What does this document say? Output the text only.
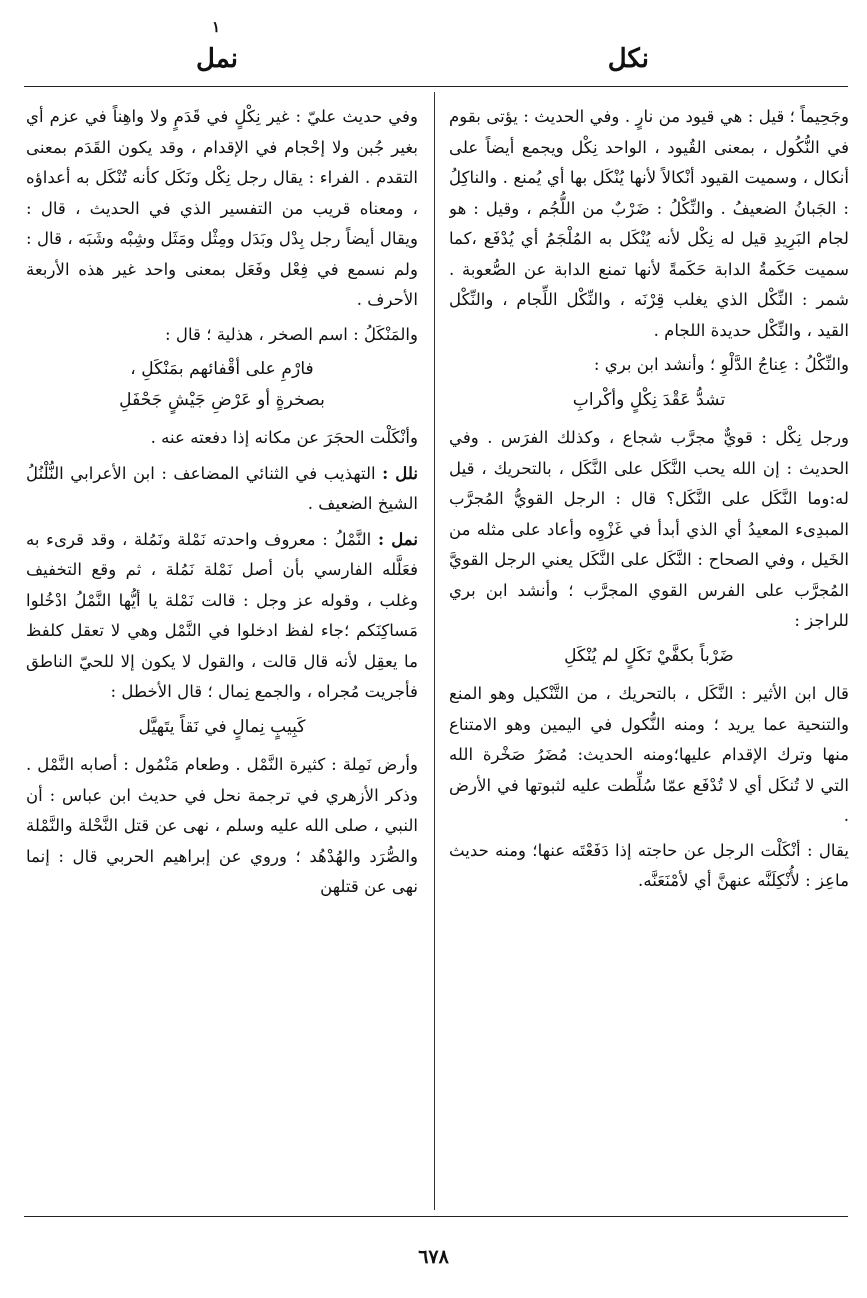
١
نكل
نمل

وجَحِيماً ؛ قيل : هي قيود من نارٍ . وفي الحديث : يؤتى بقوم في النُّكُول ، بمعنى القُيود ، الواحد نِكْل ويجمع أيضاً على أنكال ، وسميت القيود أنْكالاً لأنها يُنْكَل بها أي يُمنع . والناكِلُ : الجَبانُ الضعيفُ . والنِّكْلُ : ضَرْبٌ من اللُّجُم ، وقيل : هو لجام البَرِيدِ قيل له نِكْل لأنه يُنْكَل به المُلْجَمُ أي يُدْفَع ،كما سميت حَكَمةُ الدابة حَكَمةً لأنها تمنع الدابة عن الصُّعوبة . شمر : النِّكْل الذي يغلب قِرْنَه ، والنِّكْل اللِّجام ، والنِّكْل القيد ، والنِّكْل حديدة اللجام .

والنِّكْلُ : عِناجُ الدَّلْوِ ؛ وأنشد ابن بري :

تشدُّ عَقْدَ نِكْلٍ وأكْرابِ

ورجل نِكْل : قويٌّ مجرَّب شجاع ، وكذلك الفرَس . وفي الحديث : إن الله يحب النَّكَل على النَّكَل ، بالتحريك ، قيل له:وما النَّكَل على النَّكَل؟ قال : الرجل القويُّ المُجرَّب المبدِىء المعيدُ أي الذي أبدأ في غَزْوِه وأعاد على مثله من الخَيل ، وفي الصحاح : النَّكَل على النَّكَل يعني الرجل القويَّ المُجرَّب على الفرس القوي المجرَّب ؛ وأنشد ابن بري للراجز :

ضَرْباً بكفَّيْ نَكَلٍ لم يُنْكَلِ

قال ابن الأثير : النَّكَل ، بالتحريك ، من التَّنْكيل وهو المنع والتنحية عما يريد ؛ ومنه النُّكول في اليمين وهو الامتناع منها وترك الإقدام عليها؛ومنه الحديث: مُضَرُ صَخْرة الله التي لا تُنكَل أي لا تُدْفَع عمّا سُلِّطت عليه لثبوتها في الأرض .

يقال : أنْكَلْت الرجل عن حاجته إذا دَفَعْتَه عنها؛ ومنه حديث ماعِز : لأُنْكِلَنَّه عنهنَّ أي لأمْنَعَنَّه.

وفي حديث عليّ : غير نِكْلٍ في قَدَمٍ ولا واهِناً في عزم أي بغير جُبن ولا إحْجام في الإقدام ، وقد يكون القَدَم بمعنى التقدم . الفراء : يقال رجل نِكْل ونَكَل كأنه تُنْكَل به أعداؤه ، ومعناه قريب من التفسير الذي في الحديث ، قال : ويقال أيضاً رجل بِدْل وبَدَل ومِثْل ومَثَل وشِبْه وشَبَه ، قال : ولم نسمع في فِعْل وفَعَل بمعنى واحد غير هذه الأربعة الأحرف .

والمَنْكَلُ : اسم الصخر ، هذلية ؛ قال :

فارْمِ على أقْفائهم بمَنْكَلِ ،
بصخرةٍ أو عَرْضِ جَيْشٍ جَحْفَلِ

وأنْكَلْت الحجَرَ عن مكانه إذا دفعته عنه .

نلل : التهذيب في الثنائي المضاعف : ابن الأعرابي النُّلْنُلُ الشيخ الضعيف .

نمل : النَّمْلُ : معروف واحدته نَمْلة ونَمُلة ، وقد قرىء به فعَلَّله الفارسي بأن أصل نَمْلة نَمُلة ، ثم وقع التخفيف وغلب ، وقوله عز وجل : قالت نَمْلة يا أيُّها النَّمْلُ ادْخُلوا مَساكِنَكم ؛جاء لفظ ادخلوا في النَّمْل وهي لا تعقل كلفظ ما يعقِل لأنه قال قالت ، والقول لا يكون إلا للحيّ الناطق فأجريت مُجراه ، والجمع نِمال ؛ قال الأخطل :

كَبِيبٍ نِمالٍ في نَقاً يتَهيَّل

وأرض نَمِلة : كثيرة النَّمْل . وطعام مَنْمُول : أصابه النَّمْل . وذكر الأزهري في ترجمة نحل في حديث ابن عباس : أن النبي ، صلى الله عليه وسلم ، نهى عن قتل النَّحْلة والنَّمْلة والصُّرَد والهُدْهُد ؛ وروي عن إبراهيم الحربي قال : إنما نهى عن قتلهن

٦٧٨
